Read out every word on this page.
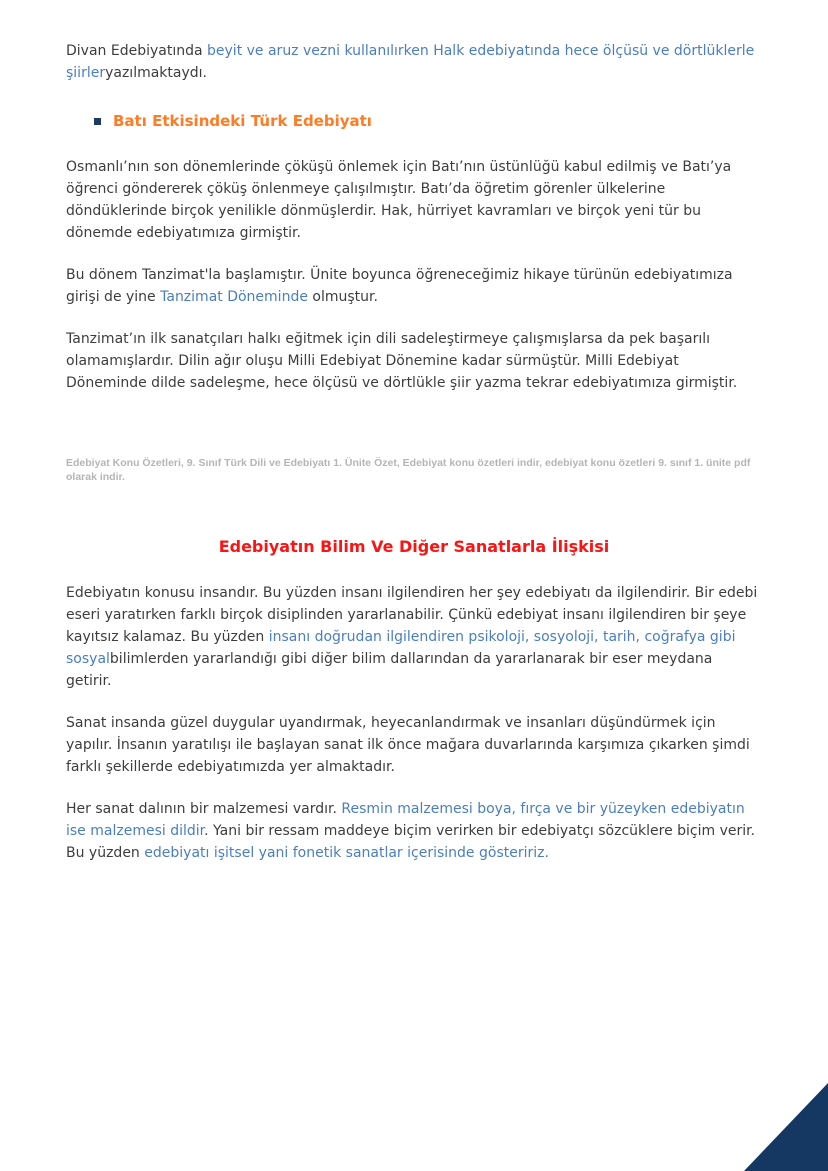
Divan Edebiyatında beyit ve aruz vezni kullanılırken Halk edebiyatında hece ölçüsü ve dörtlüklerle şiirleryazılmaktaydı.

Batı Etkisindeki Türk Edebiyatı

Osmanlı’nın son dönemlerinde çöküşü önlemek için Batı’nın üstünlüğü kabul edilmiş ve Batı’ya öğrenci göndererek çöküş önlenmeye çalışılmıştır. Batı’da öğretim görenler ülkelerine döndüklerinde birçok yenilikle dönmüşlerdir. Hak, hürriyet kavramları ve birçok yeni tür bu dönemde edebiyatımıza girmiştir.

Bu dönem Tanzimat'la başlamıştır. Ünite boyunca öğreneceğimiz hikaye türünün edebiyatımıza girişi de yine Tanzimat Döneminde olmuştur.

Tanzimat’ın ilk sanatçıları halkı eğitmek için dili sadeleştirmeye çalışmışlarsa da pek başarılı olamamışlardır. Dilin ağır oluşu Milli Edebiyat Dönemine kadar sürmüştür. Milli Edebiyat Döneminde dilde sadeleşme, hece ölçüsü ve dörtlükle şiir yazma tekrar edebiyatımıza girmiştir.

Edebiyat Konu Özetleri, 9. Sınıf Türk Dili ve Edebiyatı 1. Ünite Özet, Edebiyat konu özetleri indir, edebiyat konu özetleri 9. sınıf 1. ünite pdf olarak indir.

Edebiyatın Bilim Ve Diğer Sanatlarla İlişkisi

Edebiyatın konusu insandır. Bu yüzden insanı ilgilendiren her şey edebiyatı da ilgilendirir. Bir edebi eseri yaratırken farklı birçok disiplinden yararlanabilir. Çünkü edebiyat insanı ilgilendiren bir şeye kayıtsız kalamaz. Bu yüzden insanı doğrudan ilgilendiren psikoloji, sosyoloji, tarih, coğrafya gibi sosyalbilimlerden yararlandığı gibi diğer bilim dallarından da yararlanarak bir eser meydana getirir.

Sanat insanda güzel duygular uyandırmak, heyecanlandırmak ve insanları düşündürmek için yapılır. İnsanın yaratılışı ile başlayan sanat ilk önce mağara duvarlarında karşımıza çıkarken şimdi farklı şekillerde edebiyatımızda yer almaktadır.

Her sanat dalının bir malzemesi vardır. Resmin malzemesi boya, fırça ve bir yüzeyken edebiyatın ise malzemesi dildir. Yani bir ressam maddeye biçim verirken bir edebiyatçı sözcüklere biçim verir. Bu yüzden edebiyatı işitsel yani fonetik sanatlar içerisinde gösteririz.
